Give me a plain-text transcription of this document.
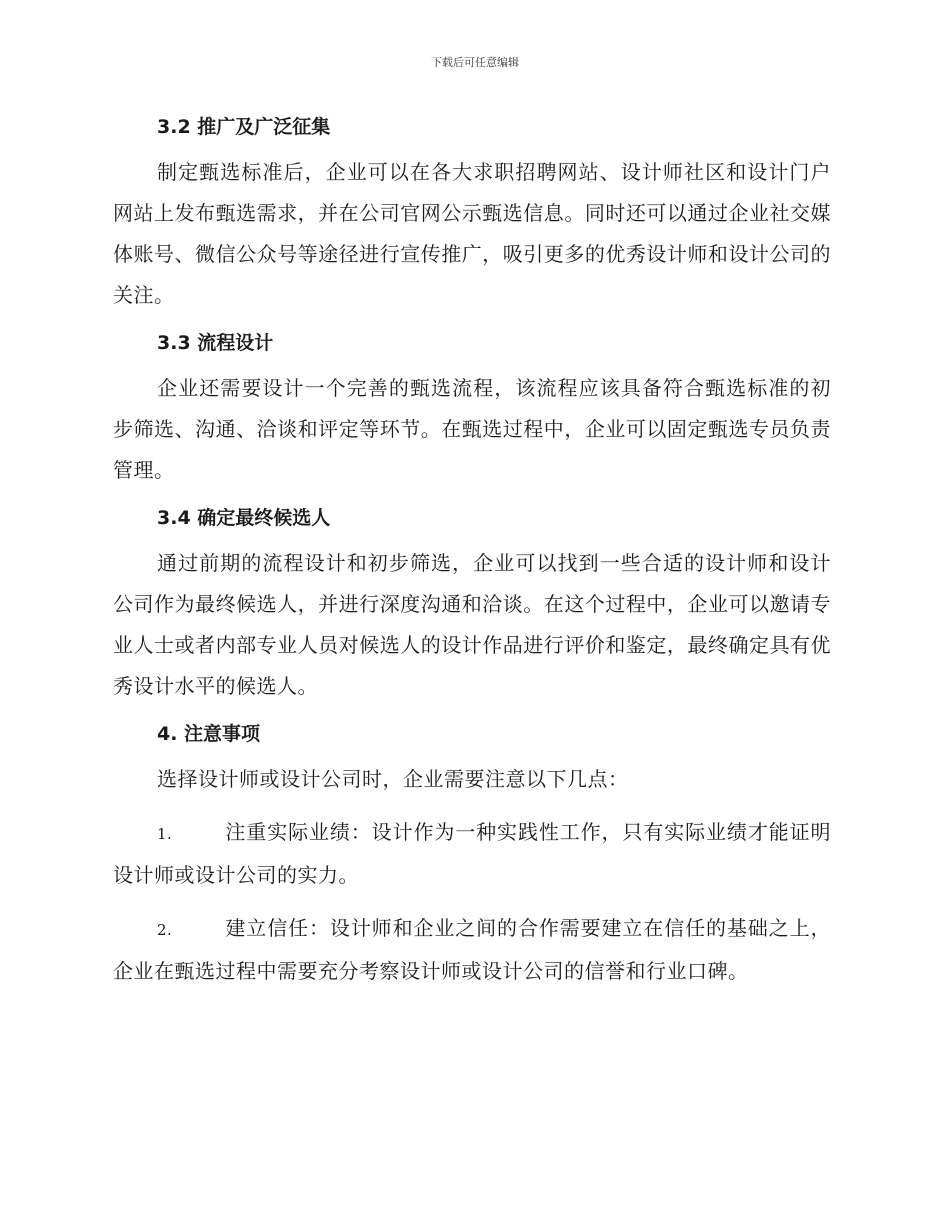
下载后可任意编辑
3.2 推广及广泛征集

制定甄选标准后，企业可以在各大求职招聘网站、设计师社区和设计门户网站上发布甄选需求，并在公司官网公示甄选信息。同时还可以通过企业社交媒体账号、微信公众号等途径进行宣传推广，吸引更多的优秀设计师和设计公司的关注。

3.3 流程设计

企业还需要设计一个完善的甄选流程，该流程应该具备符合甄选标准的初步筛选、沟通、洽谈和评定等环节。在甄选过程中，企业可以固定甄选专员负责管理。

3.4 确定最终候选人

通过前期的流程设计和初步筛选，企业可以找到一些合适的设计师和设计公司作为最终候选人，并进行深度沟通和洽谈。在这个过程中，企业可以邀请专业人士或者内部专业人员对候选人的设计作品进行评价和鉴定，最终确定具有优秀设计水平的候选人。

4. 注意事项

选择设计师或设计公司时，企业需要注意以下几点：

1.	注重实际业绩：设计作为一种实践性工作，只有实际业绩才能证明设计师或设计公司的实力。

2.	建立信任：设计师和企业之间的合作需要建立在信任的基础之上，企业在甄选过程中需要充分考察设计师或设计公司的信誉和行业口碑。
